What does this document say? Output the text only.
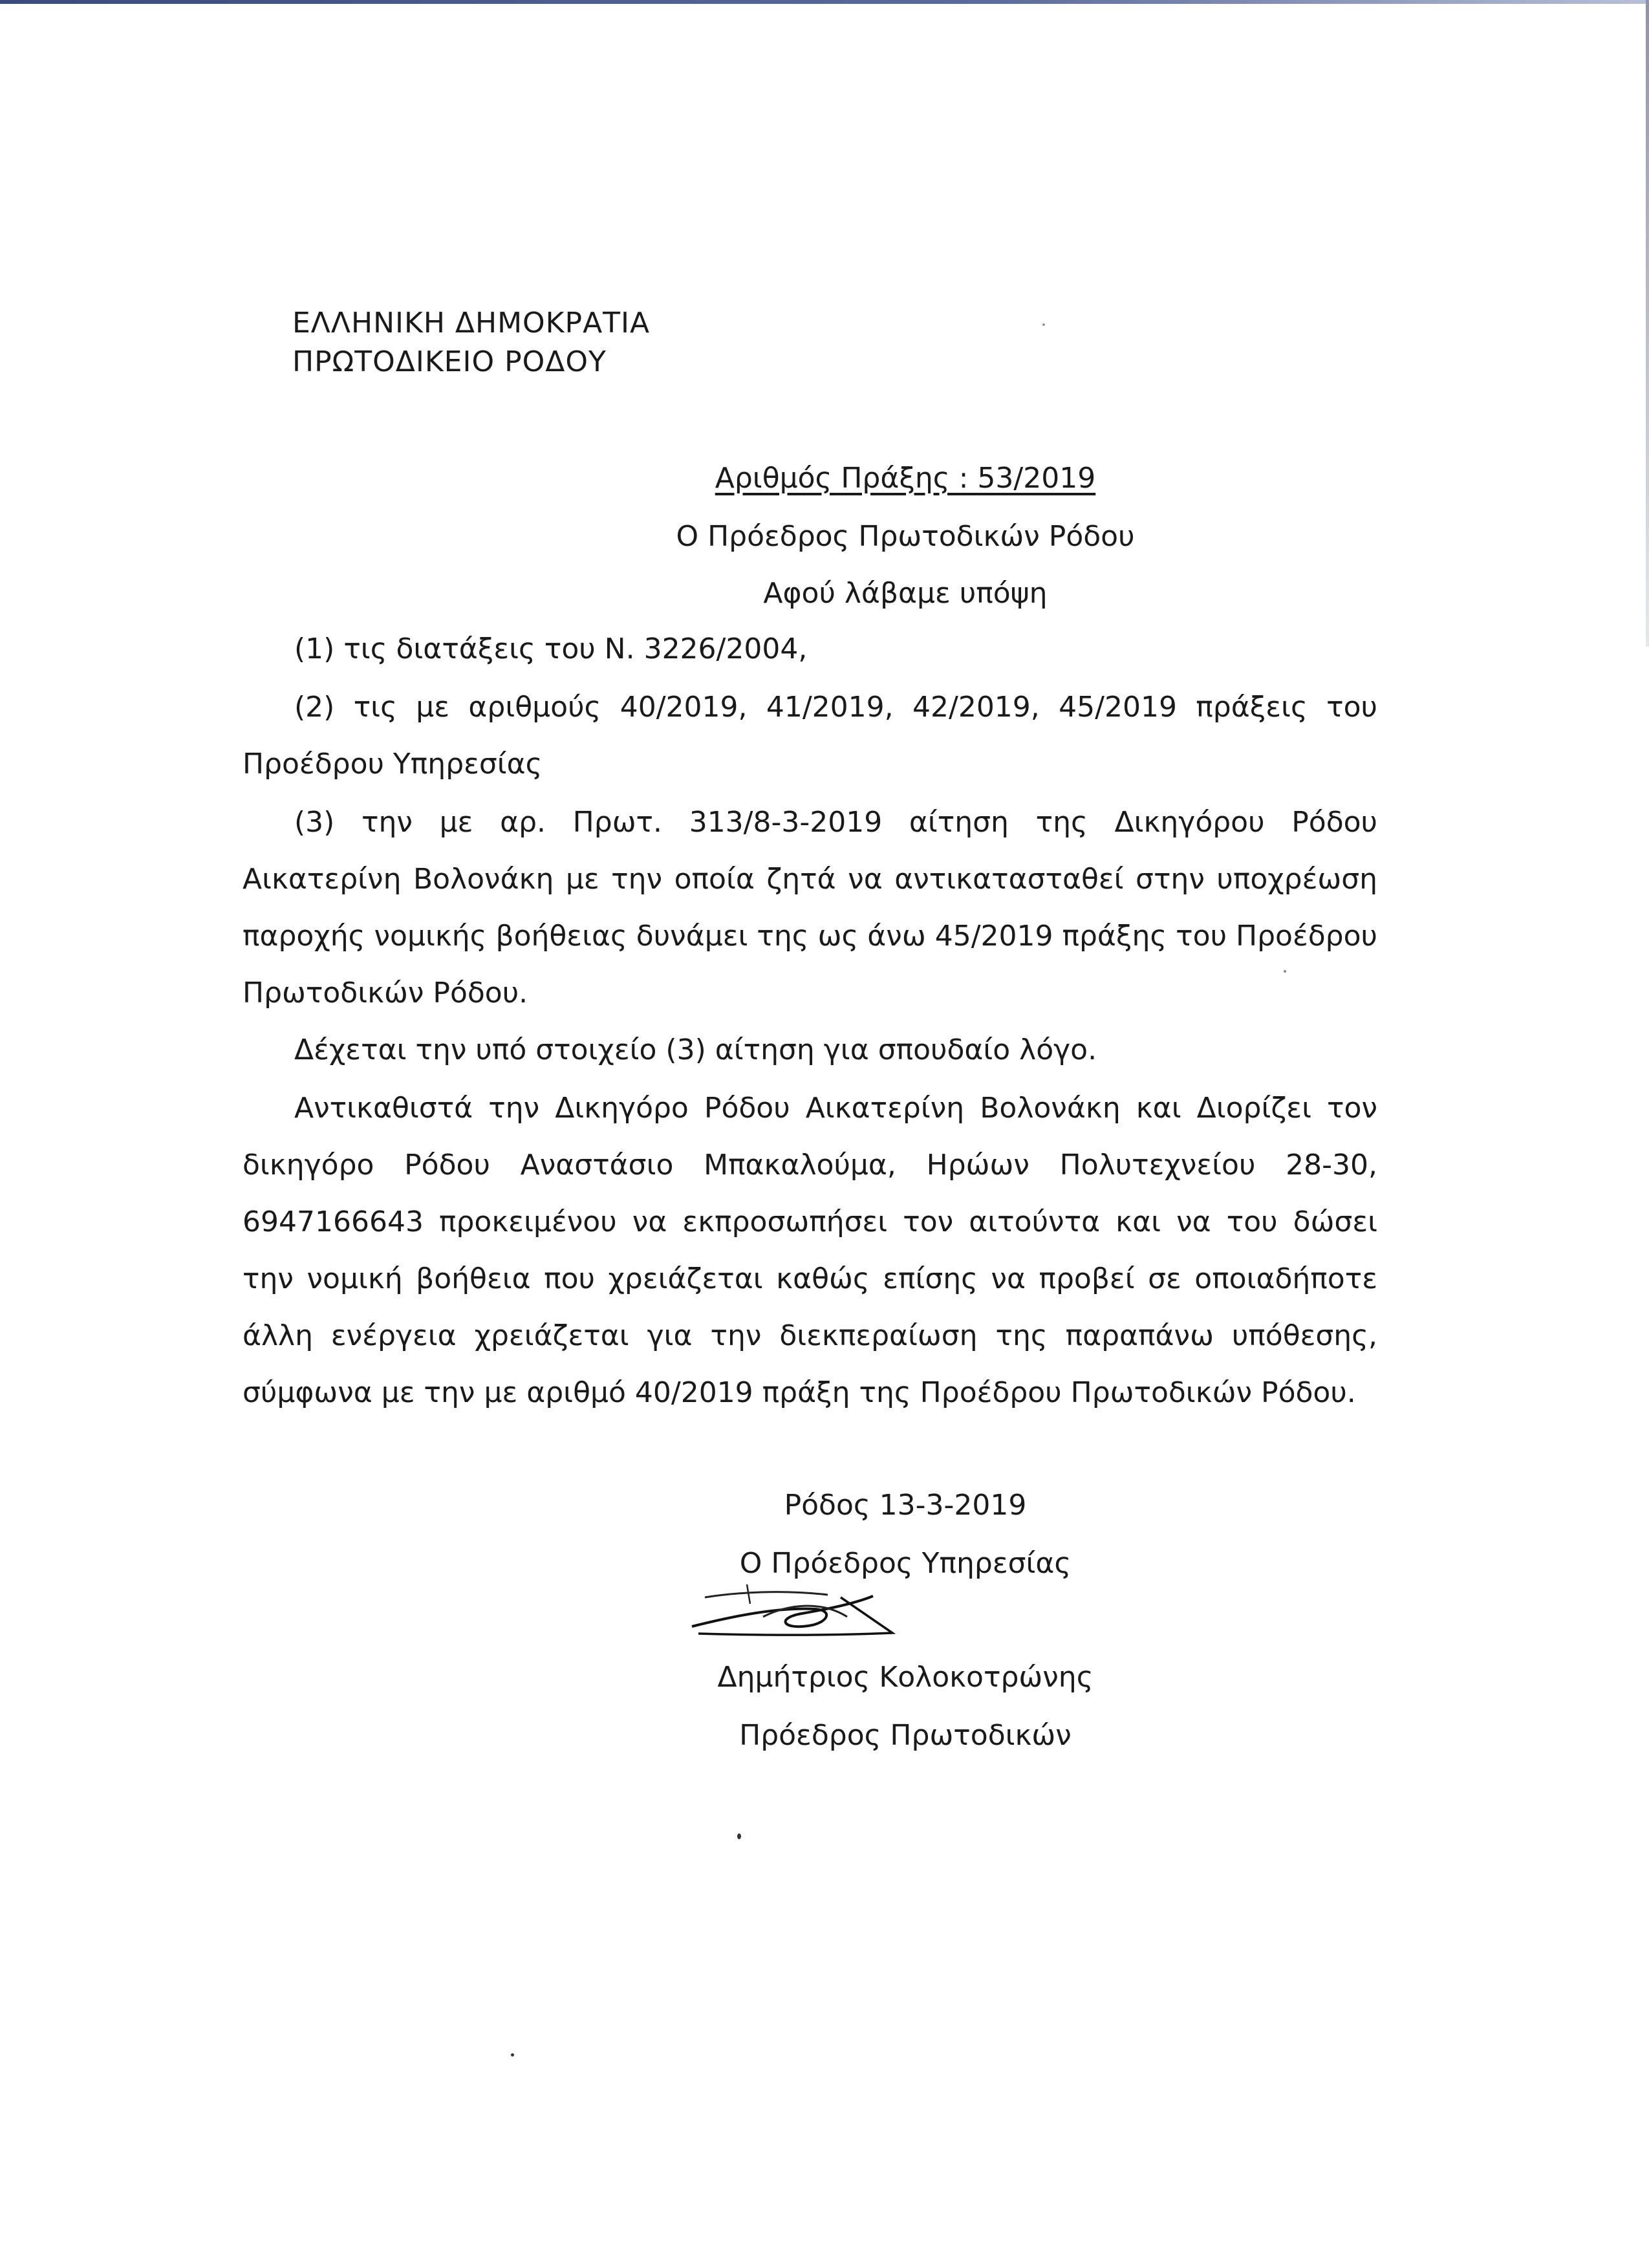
ΕΛΛΗΝΙΚΗ ΔΗΜΟΚΡΑΤΙΑ
ΠΡΩΤΟΔΙΚΕΙΟ ΡΟΔΟΥ
Αριθμός Πράξης : 53/2019
Ο Πρόεδρος Πρωτοδικών Ρόδου
Αφού λάβαμε υπόψη

(1) τις διατάξεις του Ν. 3226/2004,

(2) τις με αριθμούς 40/2019, 41/2019, 42/2019, 45/2019 πράξεις του Προέδρου Υπηρεσίας

(3) την με αρ. Πρωτ. 313/8-3-2019 αίτηση της Δικηγόρου Ρόδου Αικατερίνη Βολονάκη με την οποία ζητά να αντικατασταθεί στην υποχρέωση παροχής νομικής βοήθειας δυνάμει της ως άνω 45/2019 πράξης του Προέδρου Πρωτοδικών Ρόδου.

Δέχεται την υπό στοιχείο (3) αίτηση για σπουδαίο λόγο.

Αντικαθιστά την Δικηγόρο Ρόδου Αικατερίνη Βολονάκη και Διορίζει τον δικηγόρο Ρόδου Αναστάσιο Μπακαλούμα, Ηρώων Πολυτεχνείου 28-30, 6947166643 προκειμένου να εκπροσωπήσει τον αιτούντα και να του δώσει την νομική βοήθεια που χρειάζεται καθώς επίσης να προβεί σε οποιαδήποτε άλλη ενέργεια χρειάζεται για την διεκπεραίωση της παραπάνω υπόθεσης, σύμφωνα με την με αριθμό 40/2019 πράξη της Προέδρου Πρωτοδικών Ρόδου.

Ρόδος 13-3-2019
Ο Πρόεδρος Υπηρεσίας
Δημήτριος Κολοκοτρώνης
Πρόεδρος Πρωτοδικών
